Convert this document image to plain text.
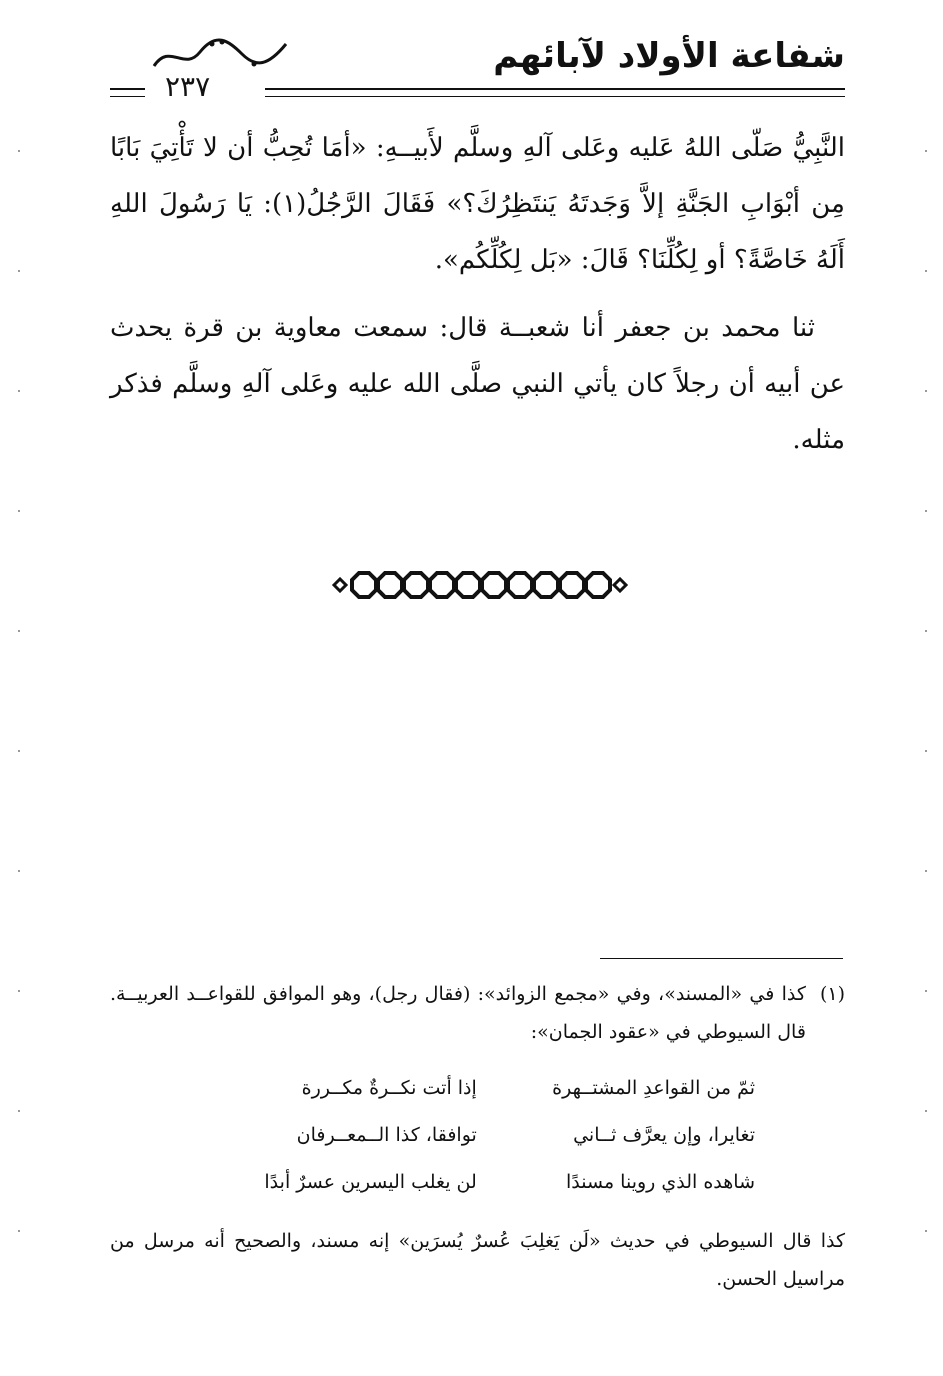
شفاعة الأولاد لآبائهم
٢٣٧

النَّبِيُّ صَلّى اللهُ عَليه وعَلى آلهِ وسلَّم لأَبيــهِ: «أمَا تُحِبُّ أن لا تَأْتِيَ بَابًا مِن أبْوَابِ الجَنَّةِ إلاَّ وَجَدتَهُ يَنتَظِرُكَ؟» فَقَالَ الرَّجُلُ(١): يَا رَسُولَ اللهِ أَلَهُ خَاصَّةً؟ أو لِكُلِّنَا؟ قَالَ: «بَل لِكُلِّكُم».

ثنا محمد بن جعفر أنا شعبــة قال: سمعت معاوية بن قرة يحدث عن أبيه أن رجلاً كان يأتي النبي صلَّى الله عليه وعَلى آلهِ وسلَّم فذكر مثله.

(١)
كذا في «المسند»، وفي «مجمع الزوائد»: (فقال رجل)، وهو الموافق للقواعــد العربيــة. قال السيوطي في «عقود الجمان»:
ثمّ من القواعدِ المشتــهرة
إذا أتت نكــرةٌ مكــررة
تغايرا، وإن يعرَّف ثــاني
توافقا، كذا الــمعــرفان
شاهده الذي روينا مسندًا
لن يغلب اليسرين عسرٌ أبدًا
كذا قال السيوطي في حديث «لَن يَغلِبَ عُسرٌ يُسرَين» إنه مسند، والصحيح أنه مرسل من مراسيل الحسن.
